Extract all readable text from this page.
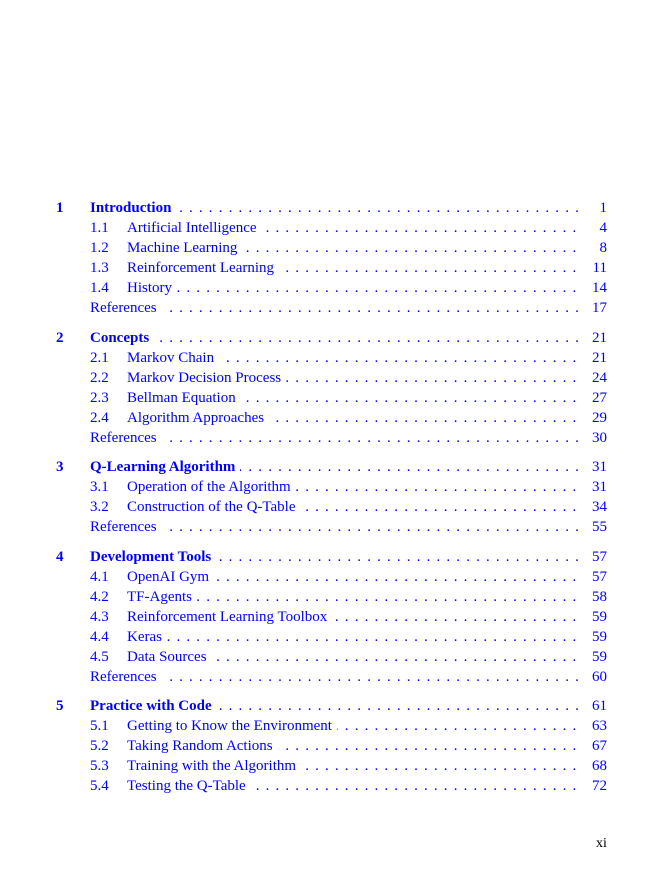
1 Introduction . . .	1
1.1 Artificial Intelligence . . .	4
1.2 Machine Learning . . .	8
1.3 Reinforcement Learning . . .	11
1.4 History . . .	14
References . . .	17
2 Concepts . . .	21
2.1 Markov Chain . . .	21
2.2 Markov Decision Process . . .	24
2.3 Bellman Equation . . .	27
2.4 Algorithm Approaches . . .	29
References . . .	30
3 Q-Learning Algorithm . . .	31
3.1 Operation of the Algorithm . . .	31
3.2 Construction of the Q-Table . . .	34
References . . .	55
4 Development Tools . . .	57
4.1 OpenAI Gym . . .	57
4.2 TF-Agents . . .	58
4.3 Reinforcement Learning Toolbox . . .	59
4.4 Keras . . .	59
4.5 Data Sources . . .	59
References . . .	60
5 Practice with Code . . .	61
5.1 Getting to Know the Environment . . .	63
5.2 Taking Random Actions . . .	67
5.3 Training with the Algorithm . . .	68
5.4 Testing the Q-Table . . .	72
xi
